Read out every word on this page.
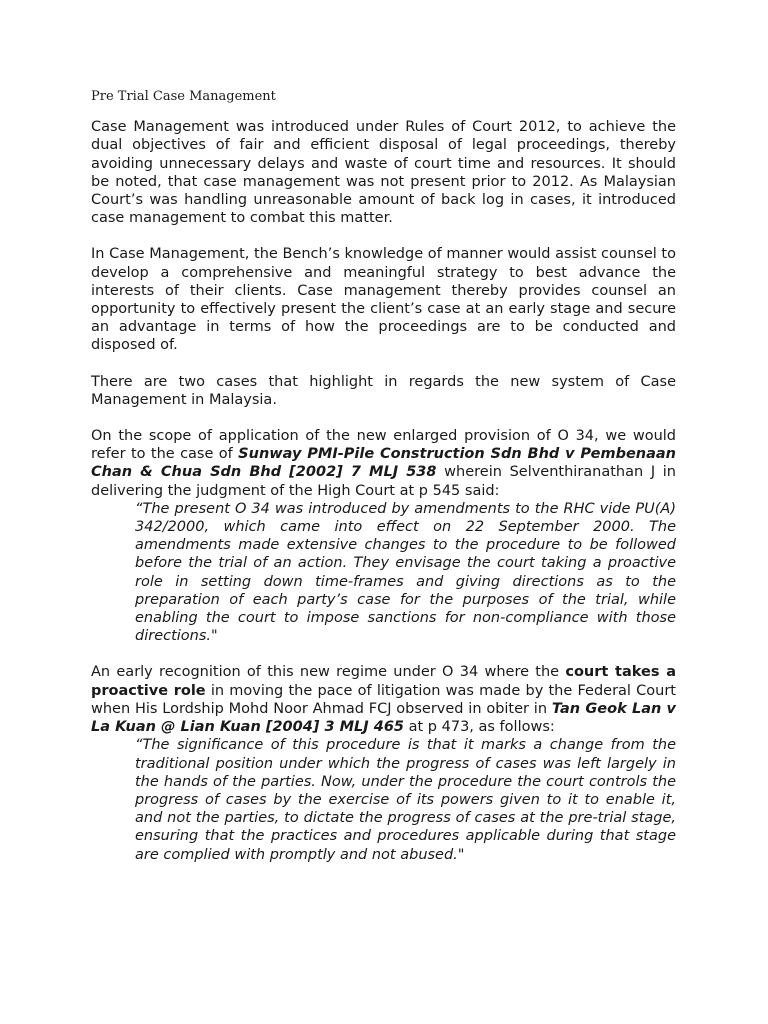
Pre Trial Case Management

Case Management was introduced under Rules of Court 2012, to achieve the dual objectives of fair and efficient disposal of legal proceedings, thereby avoiding unnecessary delays and waste of court time and resources. It should be noted, that case management was not present prior to 2012. As Malaysian Court’s was handling unreasonable amount of back log in cases, it introduced case management to combat this matter.

In Case Management, the Bench’s knowledge of manner would assist counsel to develop a comprehensive and meaningful strategy to best advance the interests of their clients. Case management thereby provides counsel an opportunity to effectively present the client’s case at an early stage and secure an advantage in terms of how the proceedings are to be conducted and disposed of.

There are two cases that highlight in regards the new system of Case Management in Malaysia.

On the scope of application of the new enlarged provision of O 34, we would refer to the case of Sunway PMI-Pile Construction Sdn Bhd v Pembenaan Chan & Chua Sdn Bhd [2002] 7 MLJ 538 wherein Selventhiranathan J in delivering the judgment of the High Court at p 545 said:

“The present O 34 was introduced by amendments to the RHC vide PU(A) 342/2000, which came into effect on 22 September 2000. The amendments made extensive changes to the procedure to be followed before the trial of an action. They envisage the court taking a proactive role in setting down time-frames and giving directions as to the preparation of each party’s case for the purposes of the trial, while enabling the court to impose sanctions for non-compliance with those directions."

An early recognition of this new regime under O 34 where the court takes a proactive role in moving the pace of litigation was made by the Federal Court when His Lordship Mohd Noor Ahmad FCJ observed in obiter in Tan Geok Lan v La Kuan @ Lian Kuan [2004] 3 MLJ 465 at p 473, as follows:

“The significance of this procedure is that it marks a change from the traditional position under which the progress of cases was left largely in the hands of the parties. Now, under the procedure the court controls the progress of cases by the exercise of its powers given to it to enable it, and not the parties, to dictate the progress of cases at the pre-trial stage, ensuring that the practices and procedures applicable during that stage are complied with promptly and not abused."
